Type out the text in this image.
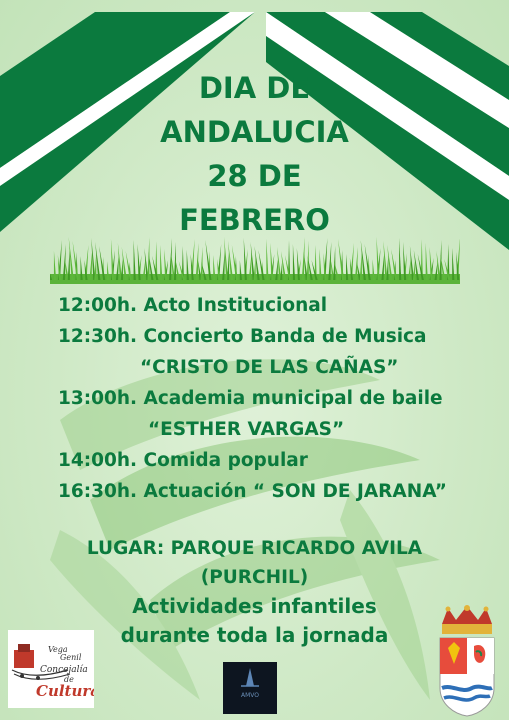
DIA DE
ANDALUCIA
28 DE
FEBRERO
12:00h. Acto Institucional
12:30h. Concierto Banda de Musica
“CRISTO DE LAS CAÑAS”
13:00h. Academia municipal de baile
“ESTHER VARGAS”
14:00h. Comida popular
16:30h. Actuación “ SON DE JARANA”
LUGAR: PARQUE RICARDO AVILA
(PURCHIL)
Actividades infantiles
durante toda la jornada
Vega
Genil
Concejalía
de
Cultura	AMVO
